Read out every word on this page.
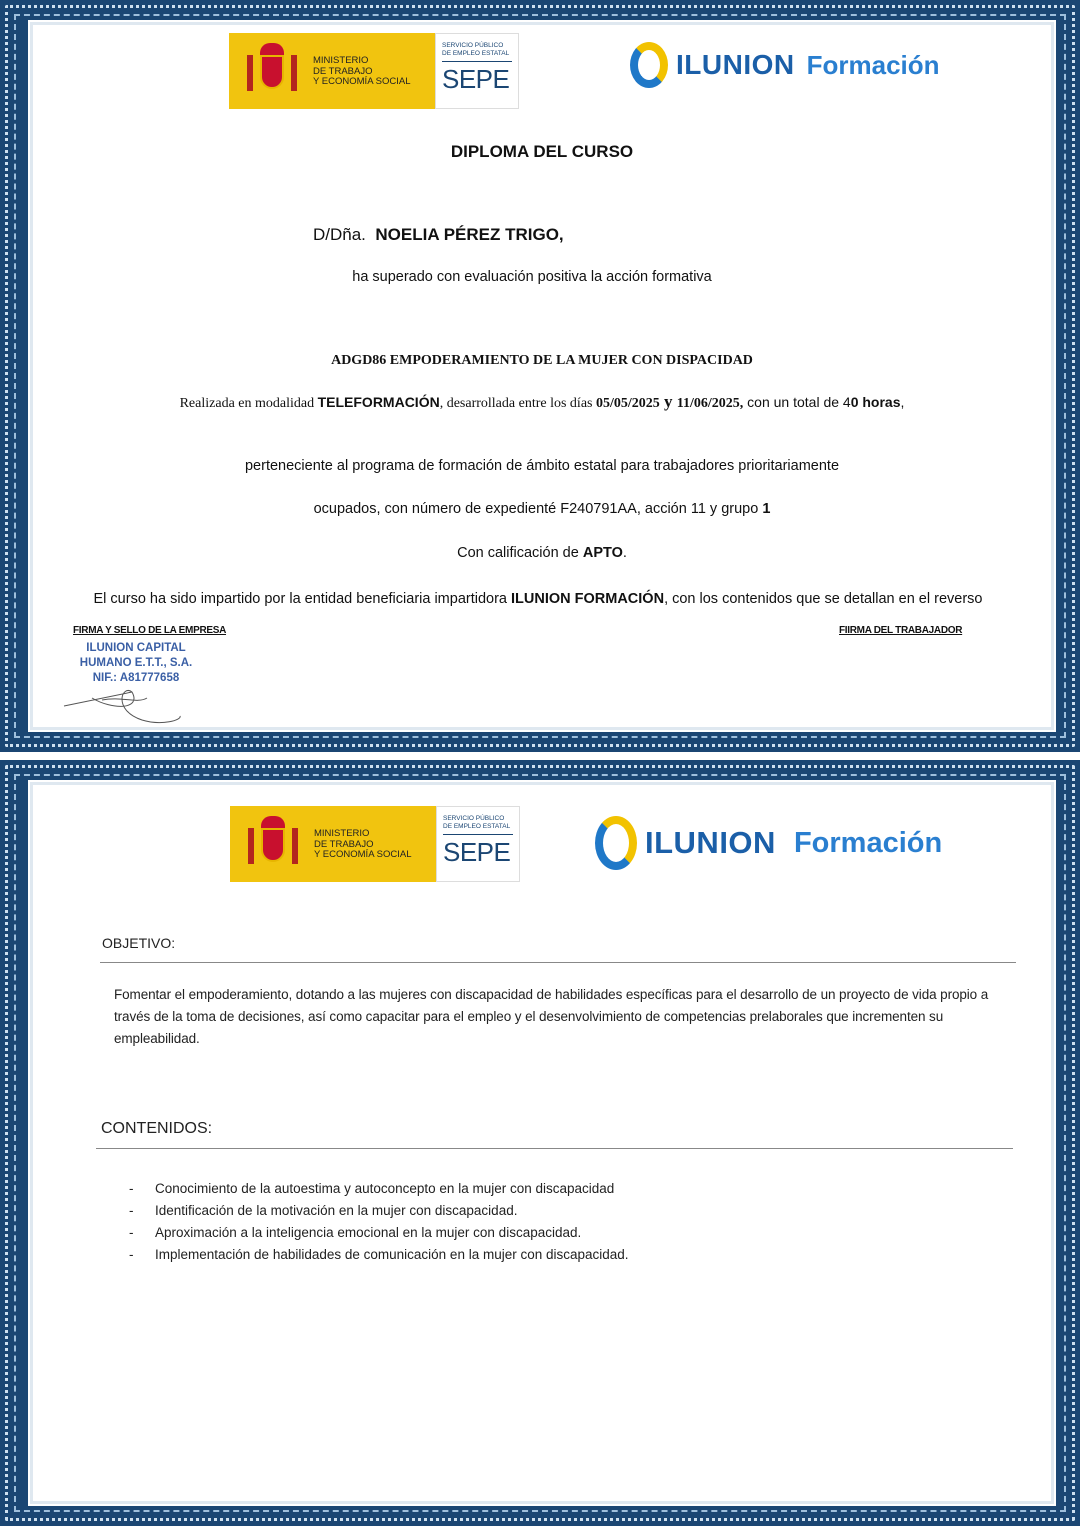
MINISTERIO
DE TRABAJO
Y ECONOMÍA SOCIAL
SERVICIO PÚBLICO
DE EMPLEO ESTATAL
SEPE	ILUNION Formación
DIPLOMA DEL CURSO
D/Dña. NOELIA PÉREZ TRIGO,
ha superado con evaluación positiva la acción formativa
ADGD86 EMPODERAMIENTO DE LA MUJER CON DISPACIDAD
Realizada en modalidad TELEFORMACIÓN, desarrollada entre los días 05/05/2025 y 11/06/2025, con un total de 40 horas,
perteneciente al programa de formación de ámbito estatal para trabajadores prioritariamente
ocupados, con número de expedienté F240791AA, acción 11 y grupo 1
Con calificación de APTO.
El curso ha sido impartido por la entidad beneficiaria impartidora ILUNION FORMACIÓN, con los contenidos que se detallan en el reverso
FIRMA Y SELLO DE LA EMPRESA	FIIRMA DEL TRABAJADOR
ILUNION CAPITAL
HUMANO E.T.T., S.A.
NIF.: A81777658
MINISTERIO
DE TRABAJO
Y ECONOMÍA SOCIAL
SERVICIO PÚBLICO
DE EMPLEO ESTATAL
SEPE	ILUNION Formación
OBJETIVO:
Fomentar el empoderamiento, dotando a las mujeres con discapacidad de habilidades específicas para el desarrollo de un proyecto de vida propio a través de la toma de decisiones, así como capacitar para el empleo y el desenvolvimiento de competencias prelaborales que incrementen su empleabilidad.
CONTENIDOS:
- Conocimiento de la autoestima y autoconcepto en la mujer con discapacidad
- Identificación de la motivación en la mujer con discapacidad.
- Aproximación a la inteligencia emocional en la mujer con discapacidad.
- Implementación de habilidades de comunicación en la mujer con discapacidad.
